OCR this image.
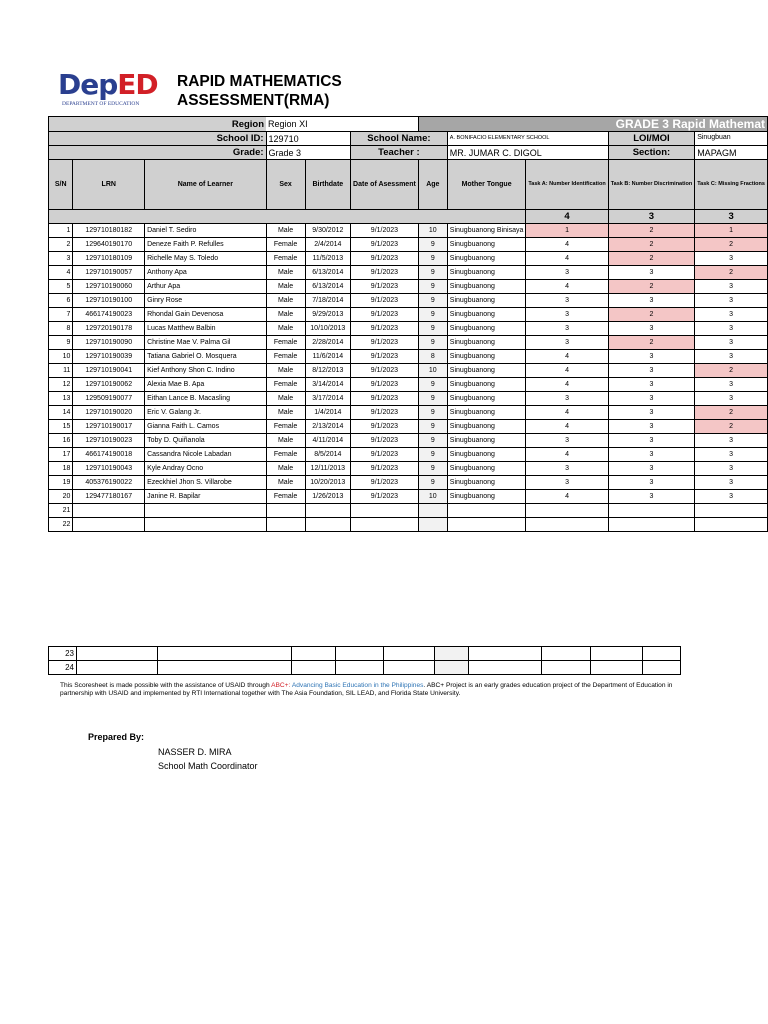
DepED
DEPARTMENT OF EDUCATION
RAPID MATHEMATICS
ASSESSMENT(RMA)
Region			Region XI			GRADE 3 Rapid Mathemat				
School ID:			129710		School Name:		A. BONIFACIO ELEMENTARY SCHOOL		LOI/MOI	Sinugbuan
Grade:			Grade 3		Teacher :		MR. JUMAR C. DIGOL		Section:	MAPAGM
S/N	LRN	Name of Learner	Sex	Birthdate	Date of Asessment	Age	Mother Tongue	Task A: Number Identification	Task B: Number Discrimination	Task C: Missing Fractions
								4	3	3
1	129710180182	Daniel T. Sediro	Male	9/30/2012	9/1/2023	10	Sinugbuanong Binisaya	1	2	1
2	129640190170	Deneze Faith P. Refulles	Female	2/4/2014	9/1/2023	9	Sinugbuanong	4	2	2
3	129710180109	Richelle May S. Toledo	Female	11/5/2013	9/1/2023	9	Sinugbuanong	4	2	3
4	129710190057	Anthony Apa	Male	6/13/2014	9/1/2023	9	Sinugbuanong	3	3	2
5	129710190060	Arthur Apa	Male	6/13/2014	9/1/2023	9	Sinugbuanong	4	2	3
6	129710190100	Ginry Rose	Male	7/18/2014	9/1/2023	9	Sinugbuanong	3	3	3
7	466174190023	Rhondal Gain Devenosa	Male	9/29/2013	9/1/2023	9	Sinugbuanong	3	2	3
8	129720190178	Lucas Matthew Balbin	Male	10/10/2013	9/1/2023	9	Sinugbuanong	3	3	3
9	129710190090	Christine Mae V. Palma Gil	Female	2/28/2014	9/1/2023	9	Sinugbuanong	3	2	3
10	129710190039	Tatiana Gabriel O. Mosquera	Female	11/6/2014	9/1/2023	8	Sinugbuanong	4	3	3
11	129710190041	Kief Anthony Shon C. Indino	Male	8/12/2013	9/1/2023	10	Sinugbuanong	4	3	2
12	129710190062	Alexia Mae B. Apa	Female	3/14/2014	9/1/2023	9	Sinugbuanong	4	3	3
13	129509190077	Eithan Lance B. Macasling	Male	3/17/2014	9/1/2023	9	Sinugbuanong	3	3	3
14	129710190020	Eric V. Galang Jr.	Male	1/4/2014	9/1/2023	9	Sinugbuanong	4	3	2
15	129710190017	Gianna Faith L. Camos	Female	2/13/2014	9/1/2023	9	Sinugbuanong	4	3	2
16	129710190023	Toby D. Quiñanola	Male	4/11/2014	9/1/2023	9	Sinugbuanong	3	3	3
17	466174190018	Cassandra Nicole Labadan	Female	8/5/2014	9/1/2023	9	Sinugbuanong	4	3	3
18	129710190043	Kyle Andray Ocno	Male	12/11/2013	9/1/2023	9	Sinugbuanong	3	3	3
19	405376190022	Ezeckhiel Jhon S. Villarobe	Male	10/20/2013	9/1/2023	9	Sinugbuanong	3	3	3
20	129477180167	Janine R. Bapilar	Female	1/26/2013	9/1/2023	10	Sinugbuanong	4	3	3
21										
22										
23										
24										
This Scoresheet is made possible with the assistance of USAID through ABC+: Advancing Basic Education in the Philippines. ABC+ Project is an early grades education project of the Department of Education in partnership with USAID and implemented by RTI International together with The Asia Foundation, SIL LEAD, and Florida State University.
Prepared By:
NASSER D. MIRA
School Math Coordinator
